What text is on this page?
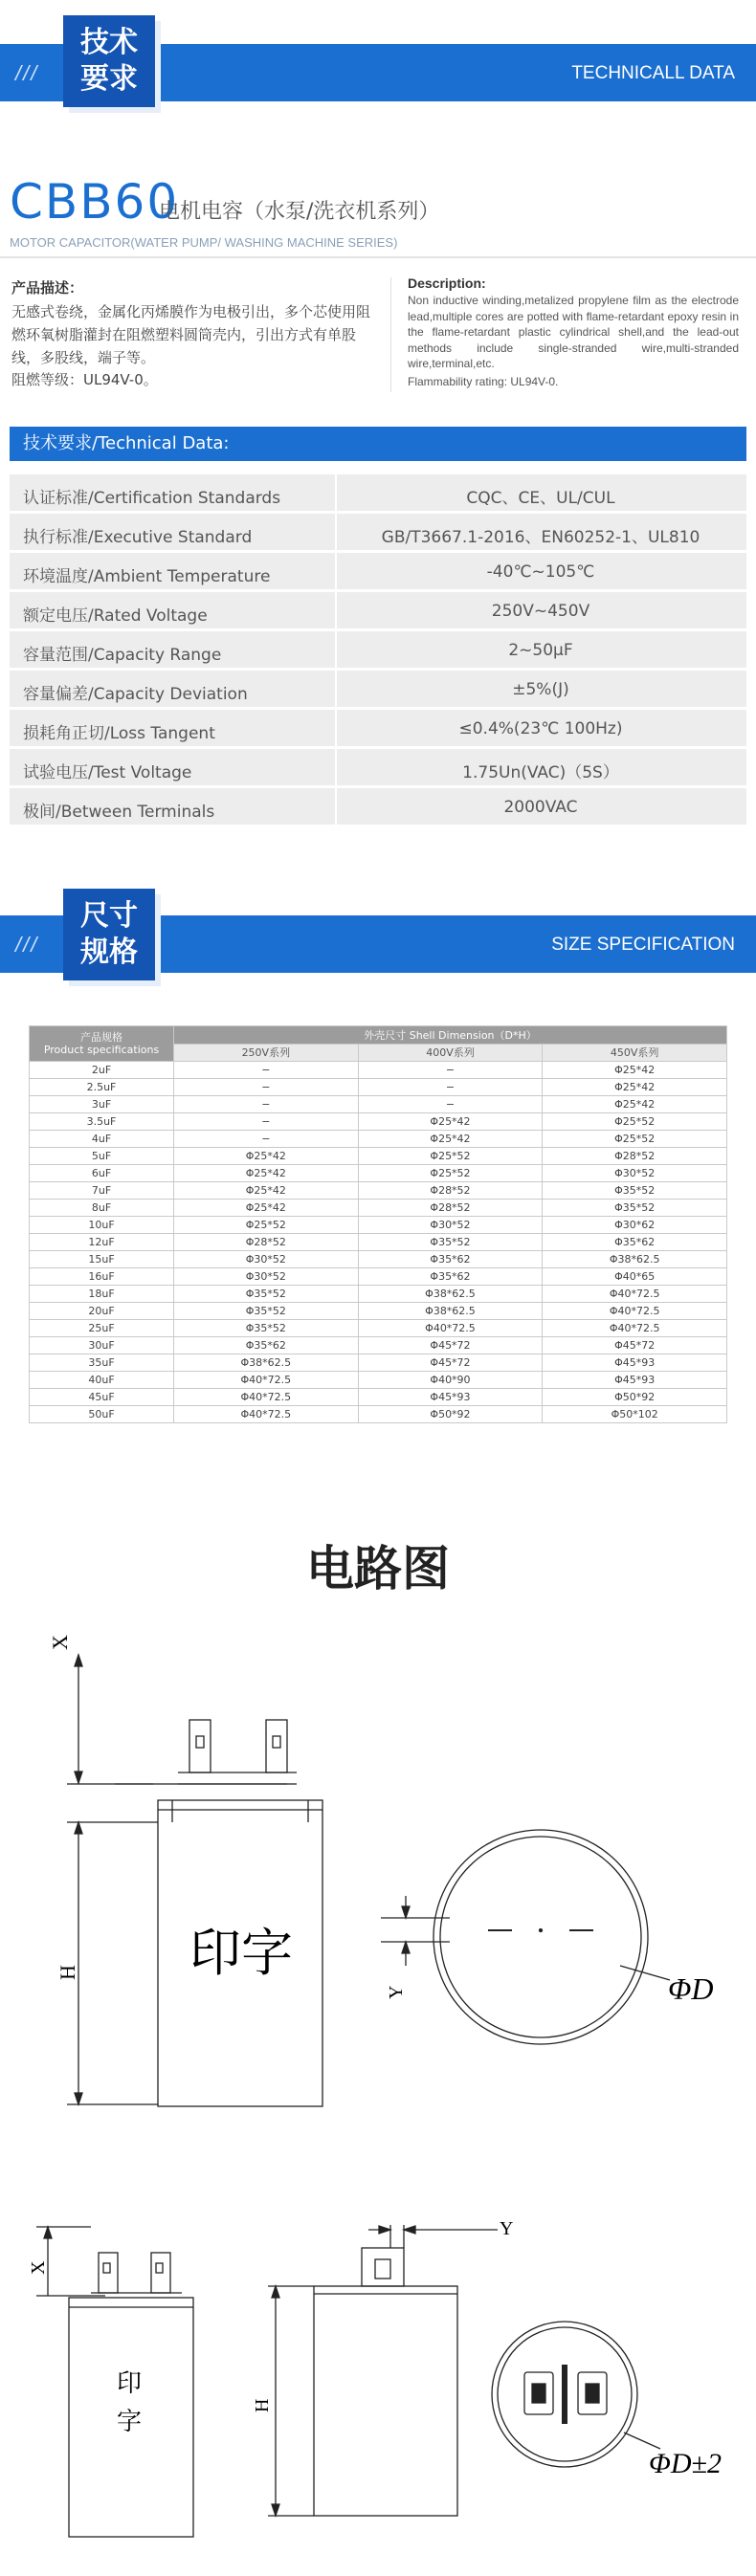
///	TECHNICALL DATA
技术
要求
CBB60
电机电容（水泵/洗衣机系列）
MOTOR CAPACITOR(WATER PUMP/ WASHING MACHINE SERIES)
产品描述：
无感式卷绕，金属化丙烯膜作为电极引出，多个芯使用阻燃环氧树脂灌封在阻燃塑料圆筒壳内，引出方式有单股线，多股线，端子等。
阻燃等级：UL94V-0。
Description:
Non inductive winding,metalized propylene film as the electrode lead,multiple cores are potted with flame-retardant epoxy resin in the flame-retardant plastic cylindrical shell,and the lead-out methods include single-stranded wire,multi-stranded wire,terminal,etc.
Flammability rating: UL94V-0.
技术要求/Technical Data:
认证标准/Certification Standards	CQC、CE、UL/CUL
执行标准/Executive Standard	GB/T3667.1-2016、EN60252-1、UL810
环境温度/Ambient Temperature	-40℃~105℃
额定电压/Rated Voltage	250V~450V
容量范围/Capacity Range	2~50μF
容量偏差/Capacity Deviation	±5%(J)
损耗角正切/Loss Tangent	≤0.4%(23℃ 100Hz)
试验电压/Test Voltage	1.75Un(VAC)（5S）
极间/Between Terminals	2000VAC
///	SIZE SPECIFICATION
尺寸
规格
产品规格
Product specifications	外壳尺寸 Shell Dimension（D*H）		
	250V系列	400V系列	450V系列
2uF	−	−	Φ25*42
2.5uF	−	−	Φ25*42
3uF	−	−	Φ25*42
3.5uF	−	Φ25*42	Φ25*52
4uF	−	Φ25*42	Φ25*52
5uF	Φ25*42	Φ25*52	Φ28*52
6uF	Φ25*42	Φ25*52	Φ30*52
7uF	Φ25*42	Φ28*52	Φ35*52
8uF	Φ25*42	Φ28*52	Φ35*52
10uF	Φ25*52	Φ30*52	Φ30*62
12uF	Φ28*52	Φ35*52	Φ35*62
15uF	Φ30*52	Φ35*62	Φ38*62.5
16uF	Φ30*52	Φ35*62	Φ40*65
18uF	Φ35*52	Φ38*62.5	Φ40*72.5
20uF	Φ35*52	Φ38*62.5	Φ40*72.5
25uF	Φ35*52	Φ40*72.5	Φ40*72.5
30uF	Φ35*62	Φ45*72	Φ45*72
35uF	Φ38*62.5	Φ45*72	Φ45*93
40uF	Φ40*72.5	Φ40*90	Φ45*93
45uF	Φ40*72.5	Φ45*93	Φ50*92
50uF	Φ40*72.5	Φ50*92	Φ50*102
电路图
X
H 印字
Y	ΦD
X
印
字
H
Y
ΦD±2
